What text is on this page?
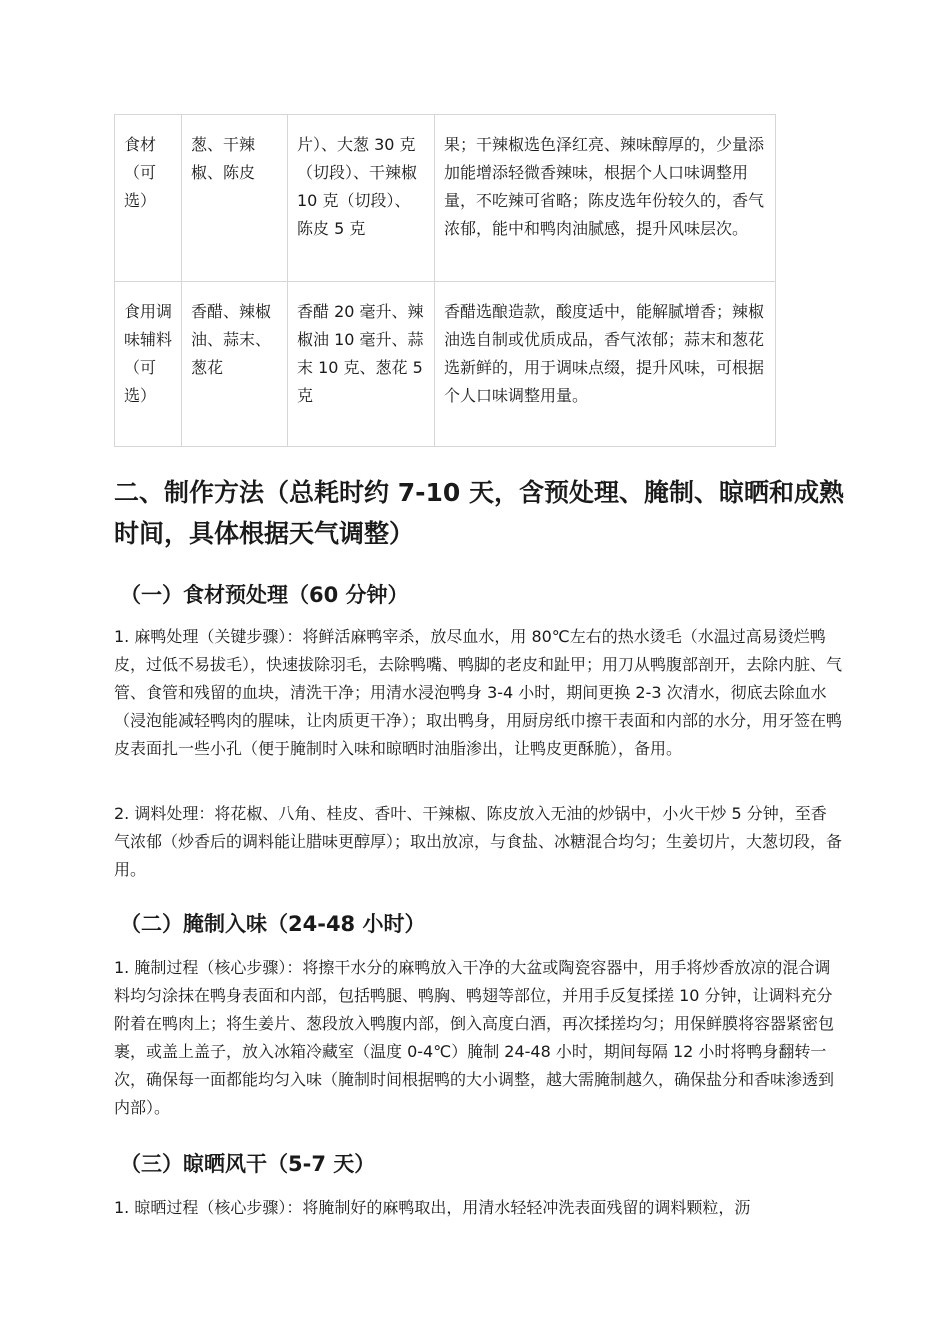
食材（可选）	葱、干辣椒、陈皮	片）、大葱 30 克（切段）、干辣椒 10 克（切段）、陈皮 5 克	果；干辣椒选色泽红亮、辣味醇厚的，少量添加能增添轻微香辣味，根据个人口味调整用量，不吃辣可省略；陈皮选年份较久的，香气浓郁，能中和鸭肉油腻感，提升风味层次。
食用调味辅料（可选）	香醋、辣椒油、蒜末、葱花	香醋 20 毫升、辣椒油 10 毫升、蒜末 10 克、葱花 5 克	香醋选酿造款，酸度适中，能解腻增香；辣椒油选自制或优质成品，香气浓郁；蒜末和葱花选新鲜的，用于调味点缀，提升风味，可根据个人口味调整用量。
二、制作方法（总耗时约 7-10 天，含预处理、腌制、晾晒和成熟时间，具体根据天气调整）
（一）食材预处理（60 分钟）

1. 麻鸭处理（关键步骤）：将鲜活麻鸭宰杀，放尽血水，用 80℃左右的热水烫毛（水温过高易烫烂鸭皮，过低不易拔毛），快速拔除羽毛，去除鸭嘴、鸭脚的老皮和趾甲；用刀从鸭腹部剖开，去除内脏、气管、食管和残留的血块，清洗干净；用清水浸泡鸭身 3-4 小时，期间更换 2-3 次清水，彻底去除血水（浸泡能减轻鸭肉的腥味，让肉质更干净）；取出鸭身，用厨房纸巾擦干表面和内部的水分，用牙签在鸭皮表面扎一些小孔（便于腌制时入味和晾晒时油脂渗出，让鸭皮更酥脆），备用。

2. 调料处理：将花椒、八角、桂皮、香叶、干辣椒、陈皮放入无油的炒锅中，小火干炒 5 分钟，至香气浓郁（炒香后的调料能让腊味更醇厚）；取出放凉，与食盐、冰糖混合均匀；生姜切片，大葱切段，备用。

（二）腌制入味（24-48 小时）

1. 腌制过程（核心步骤）：将擦干水分的麻鸭放入干净的大盆或陶瓷容器中，用手将炒香放凉的混合调料均匀涂抹在鸭身表面和内部，包括鸭腿、鸭胸、鸭翅等部位，并用手反复揉搓 10 分钟，让调料充分附着在鸭肉上；将生姜片、葱段放入鸭腹内部，倒入高度白酒，再次揉搓均匀；用保鲜膜将容器紧密包裹，或盖上盖子，放入冰箱冷藏室（温度 0-4℃）腌制 24-48 小时，期间每隔 12 小时将鸭身翻转一次，确保每一面都能均匀入味（腌制时间根据鸭的大小调整，越大需腌制越久，确保盐分和香味渗透到内部）。

（三）晾晒风干（5-7 天）

1. 晾晒过程（核心步骤）：将腌制好的麻鸭取出，用清水轻轻冲洗表面残留的调料颗粒，沥
